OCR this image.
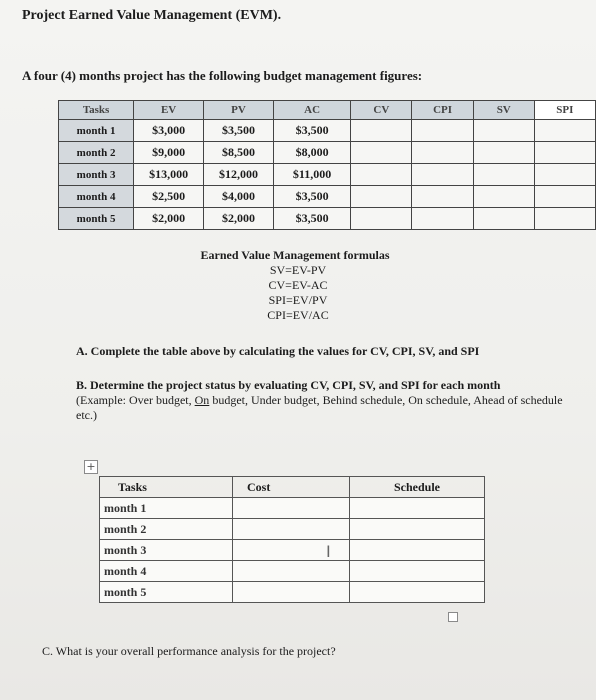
Project Earned Value Management (EVM).
A four (4) months project has the following budget management figures:
Tasks	EV	PV	AC	CV	CPI	SV	SPI
month 1	$3,000	$3,500	$3,500				
month 2	$9,000	$8,500	$8,000				
month 3	$13,000	$12,000	$11,000				
month 4	$2,500	$4,000	$3,500				
month 5	$2,000	$2,000	$3,500				
Earned Value Management formulas
SV=EV-PV
CV=EV-AC
SPI=EV/PV
CPI=EV/AC
A. Complete the table above by calculating the values for CV, CPI, SV, and SPI
B. Determine the project status by evaluating CV, CPI, SV, and SPI for each month
(Example: Over budget, On budget, Under budget, Behind schedule, On schedule, Ahead of schedule etc.)
+
Tasks	Cost	Schedule
month 1		
month 2		
month 3		
month 4		
month 5		
I
C. What is your overall performance analysis for the project?
